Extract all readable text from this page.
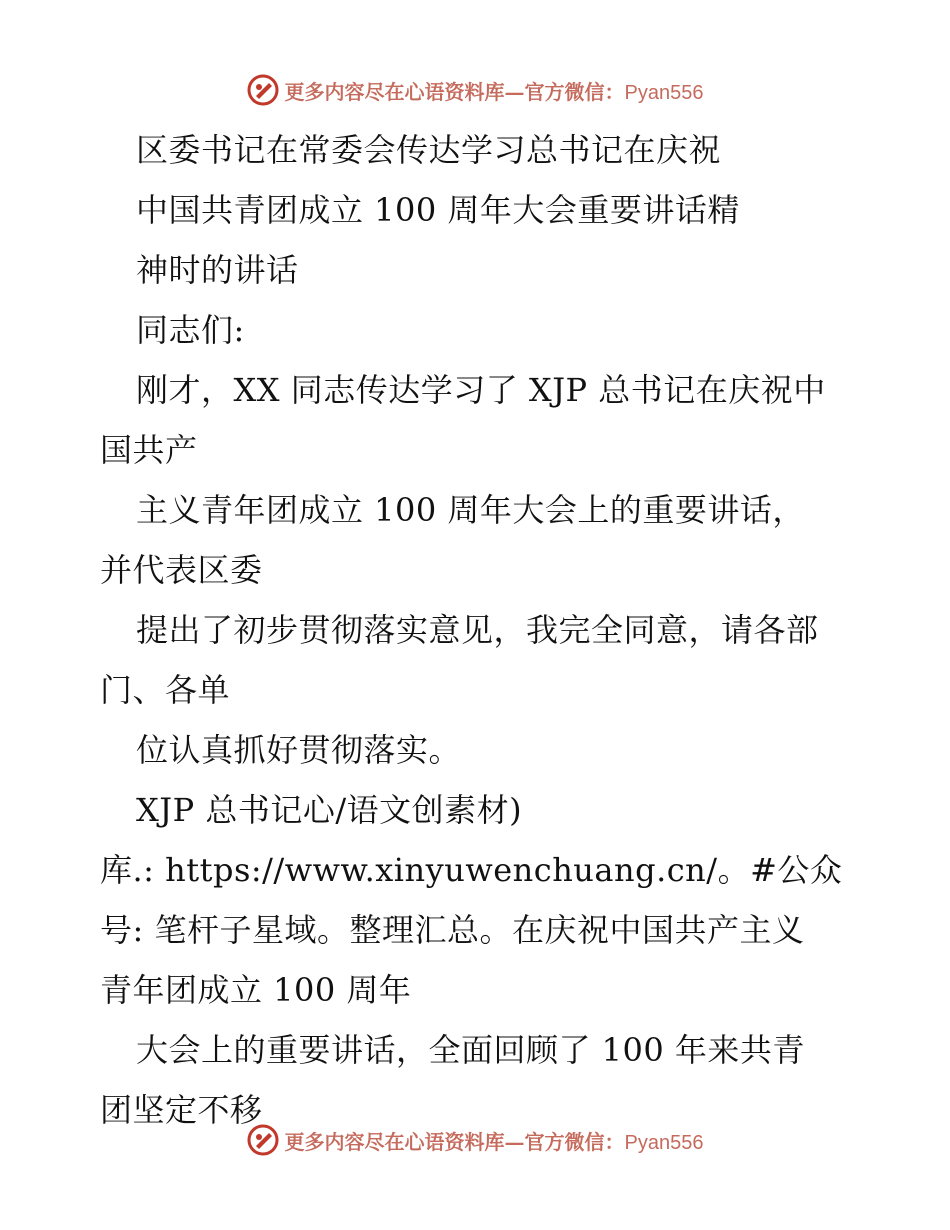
更多内容尽在心语资料库—官方微信：Pyan556
区委书记在常委会传达学习总书记在庆祝
中国共青团成立 100 周年大会重要讲话精
神时的讲话
同志们:
刚才，XX 同志传达学习了 XJP 总书记在庆祝中
国共产
主义青年团成立 100 周年大会上的重要讲话，
并代表区委
提出了初步贯彻落实意见，我完全同意，请各部
门、各单
位认真抓好贯彻落实。
XJP 总书记心/语文创素材)
库.: https://www.xinyuwenchuang.cn/。#公众
号: 笔杆子星域。整理汇总。在庆祝中国共产主义
青年团成立 100 周年
大会上的重要讲话，全面回顾了 100 年来共青
团坚定不移
更多内容尽在心语资料库—官方微信：Pyan556
